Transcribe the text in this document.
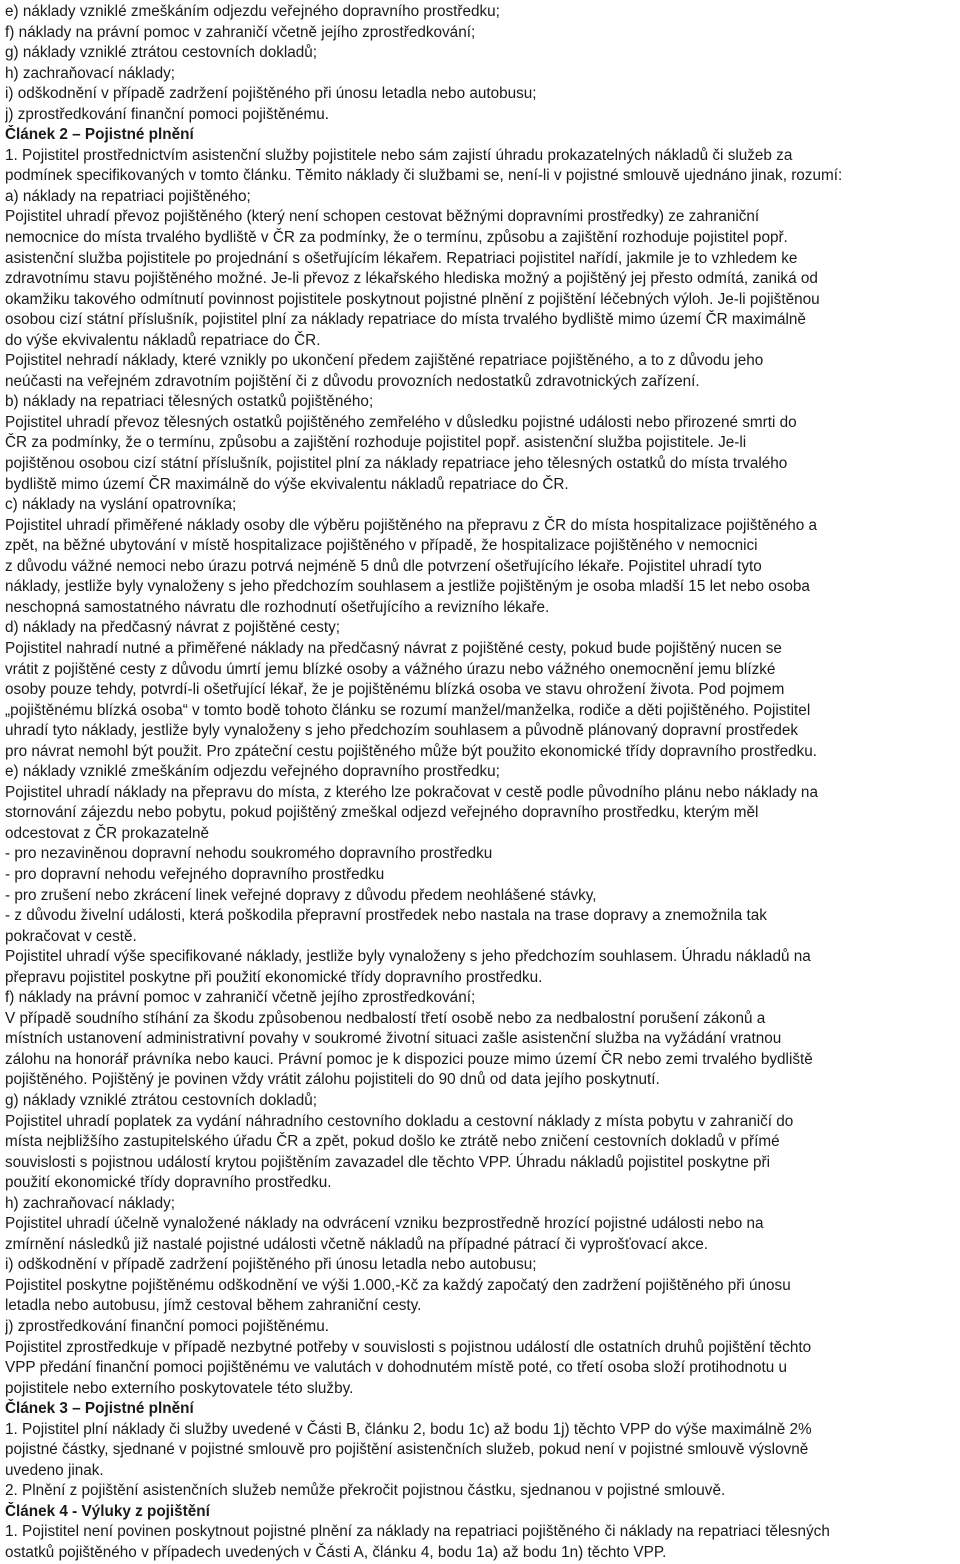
e) náklady vzniklé zmeškáním odjezdu veřejného dopravního prostředku;
f) náklady na právní pomoc v zahraničí včetně jejího zprostředkování;
g) náklady vzniklé ztrátou cestovních dokladů;
h) zachraňovací náklady;
i) odškodnění v případě zadržení pojištěného při únosu letadla nebo autobusu;
j) zprostředkování finanční pomoci pojištěnému.
Článek 2 – Pojistné plnění
1. Pojistitel prostřednictvím asistenční služby pojistitele nebo sám zajistí úhradu prokazatelných nákladů či služeb za
podmínek specifikovaných v tomto článku. Těmito náklady či službami se, není-li v pojistné smlouvě ujednáno jinak, rozumí:
a) náklady na repatriaci pojištěného;
Pojistitel uhradí převoz pojištěného (který není schopen cestovat běžnými dopravními prostředky) ze zahraniční
nemocnice do místa trvalého bydliště v ČR za podmínky, že o termínu, způsobu a zajištění rozhoduje pojistitel popř.
asistenční služba pojistitele po projednání s ošetřujícím lékařem. Repatriaci pojistitel nařídí, jakmile je to vzhledem ke
zdravotnímu stavu pojištěného možné. Je-li převoz z lékařského hlediska možný a pojištěný jej přesto odmítá, zaniká od
okamžiku takového odmítnutí povinnost pojistitele poskytnout pojistné plnění z pojištění léčebných výloh. Je-li pojištěnou
osobou cizí státní příslušník, pojistitel plní za náklady repatriace do místa trvalého bydliště mimo území ČR maximálně
do výše ekvivalentu nákladů repatriace do ČR.
Pojistitel nehradí náklady, které vznikly po ukončení předem zajištěné repatriace pojištěného, a to z důvodu jeho
neúčasti na veřejném zdravotním pojištění či z důvodu provozních nedostatků zdravotnických zařízení.
b) náklady na repatriaci tělesných ostatků pojištěného;
Pojistitel uhradí převoz tělesných ostatků pojištěného zemřelého v důsledku pojistné události nebo přirozené smrti do
ČR za podmínky, že o termínu, způsobu a zajištění rozhoduje pojistitel popř. asistenční služba pojistitele. Je-li
pojištěnou osobou cizí státní příslušník, pojistitel plní za náklady repatriace jeho tělesných ostatků do místa trvalého
bydliště mimo území ČR maximálně do výše ekvivalentu nákladů repatriace do ČR.
c) náklady na vyslání opatrovníka;
Pojistitel uhradí přiměřené náklady osoby dle výběru pojištěného na přepravu z ČR do místa hospitalizace pojištěného a
zpět, na běžné ubytování v místě hospitalizace pojištěného v případě, že hospitalizace pojištěného v nemocnici
z důvodu vážné nemoci nebo úrazu potrvá nejméně 5 dnů dle potvrzení ošetřujícího lékaře. Pojistitel uhradí tyto
náklady, jestliže byly vynaloženy s jeho předchozím souhlasem a jestliže pojištěným je osoba mladší 15 let nebo osoba
neschopná samostatného návratu dle rozhodnutí ošetřujícího a revizního lékaře.
d) náklady na předčasný návrat z pojištěné cesty;
Pojistitel nahradí nutné a přiměřené náklady na předčasný návrat z pojištěné cesty, pokud bude pojištěný nucen se
vrátit z pojištěné cesty z důvodu úmrtí jemu blízké osoby a vážného úrazu nebo vážného onemocnění jemu blízké
osoby pouze tehdy, potvrdí-li ošetřující lékař, že je pojištěnému blízká osoba ve stavu ohrožení života. Pod pojmem
„pojištěnému blízká osoba“ v tomto bodě tohoto článku se rozumí manžel/manželka, rodiče a děti pojištěného. Pojistitel
uhradí tyto náklady, jestliže byly vynaloženy s jeho předchozím souhlasem a původně plánovaný dopravní prostředek
pro návrat nemohl být použit. Pro zpáteční cestu pojištěného může být použito ekonomické třídy dopravního prostředku.
e) náklady vzniklé zmeškáním odjezdu veřejného dopravního prostředku;
Pojistitel uhradí náklady na přepravu do místa, z kterého lze pokračovat v cestě podle původního plánu nebo náklady na
stornování zájezdu nebo pobytu, pokud pojištěný zmeškal odjezd veřejného dopravního prostředku, kterým měl
odcestovat z ČR prokazatelně
- pro nezaviněnou dopravní nehodu soukromého dopravního prostředku
- pro dopravní nehodu veřejného dopravního prostředku
- pro zrušení nebo zkrácení linek veřejné dopravy z důvodu předem neohlášené stávky,
- z důvodu živelní události, která poškodila přepravní prostředek nebo nastala na trase dopravy a znemožnila tak
pokračovat v cestě.
Pojistitel uhradí výše specifikované náklady, jestliže byly vynaloženy s jeho předchozím souhlasem. Úhradu nákladů na
přepravu pojistitel poskytne při použití ekonomické třídy dopravního prostředku.
f) náklady na právní pomoc v zahraničí včetně jejího zprostředkování;
V případě soudního stíhání za škodu způsobenou nedbalostí třetí osobě nebo za nedbalostní porušení zákonů a
místních ustanovení administrativní povahy v soukromé životní situaci zašle asistenční služba na vyžádání vratnou
zálohu na honorář právníka nebo kauci. Právní pomoc je k dispozici pouze mimo území ČR nebo zemi trvalého bydliště
pojištěného. Pojištěný je povinen vždy vrátit zálohu pojistiteli do 90 dnů od data jejího poskytnutí.
g) náklady vzniklé ztrátou cestovních dokladů;
Pojistitel uhradí poplatek za vydání náhradního cestovního dokladu a cestovní náklady z místa pobytu v zahraničí do
místa nejbližšího zastupitelského úřadu ČR a zpět, pokud došlo ke ztrátě nebo zničení cestovních dokladů v přímé
souvislosti s pojistnou událostí krytou pojištěním zavazadel dle těchto VPP. Úhradu nákladů pojistitel poskytne při
použití ekonomické třídy dopravního prostředku.
h) zachraňovací náklady;
Pojistitel uhradí účelně vynaložené náklady na odvrácení vzniku bezprostředně hrozící pojistné události nebo na
zmírnění následků již nastalé pojistné události včetně nákladů na případné pátrací či vyprošťovací akce.
i) odškodnění v případě zadržení pojištěného při únosu letadla nebo autobusu;
Pojistitel poskytne pojištěnému odškodnění ve výši 1.000,-Kč za každý započatý den zadržení pojištěného při únosu
letadla nebo autobusu, jímž cestoval během zahraniční cesty.
j) zprostředkování finanční pomoci pojištěnému.
Pojistitel zprostředkuje v případě nezbytné potřeby v souvislosti s pojistnou událostí dle ostatních druhů pojištění těchto
VPP předání finanční pomoci pojištěnému ve valutách v dohodnutém místě poté, co třetí osoba složí protihodnotu u
pojistitele nebo externího poskytovatele této služby.
Článek 3 – Pojistné plnění
1. Pojistitel plní náklady či služby uvedené v Části B, článku 2, bodu 1c) až bodu 1j) těchto VPP do výše maximálně 2%
pojistné částky, sjednané v pojistné smlouvě pro pojištění asistenčních služeb, pokud není v pojistné smlouvě výslovně
uvedeno jinak.
2. Plnění z pojištění asistenčních služeb nemůže překročit pojistnou částku, sjednanou v pojistné smlouvě.
Článek 4 - Výluky z pojištění
1. Pojistitel není povinen poskytnout pojistné plnění za náklady na repatriaci pojištěného či náklady na repatriaci tělesných
ostatků pojištěného v případech uvedených v Části A, článku 4, bodu 1a) až bodu 1n) těchto VPP.
